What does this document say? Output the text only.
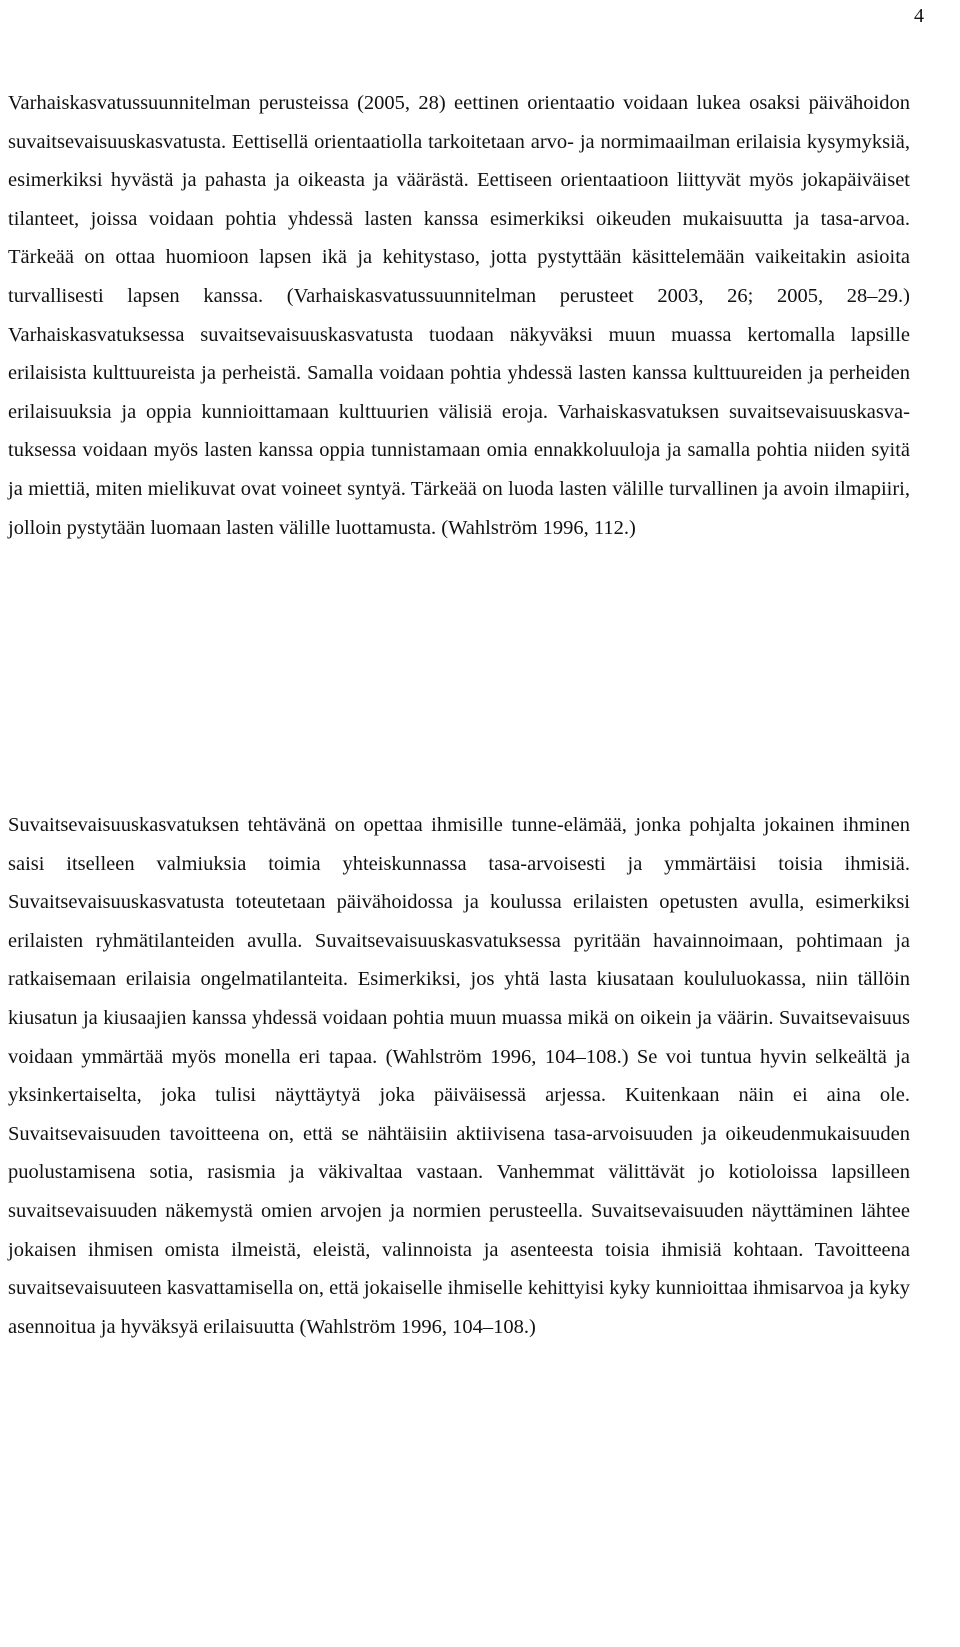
4

Varhaiskasvatussuunnitelman perusteissa (2005, 28) eettinen orientaatio voidaan lukea osaksi päivähoidon suvaitsevaisuuskasvatusta. Eettisellä orientaatiolla tarkoitetaan arvo- ja normimaailman erilaisia kysymyksiä, esimerkiksi hyvästä ja pahasta ja oikeasta ja väärästä. Eettiseen orientaatioon liittyvät myös jokapäiväiset tilanteet, joissa voidaan pohtia yhdessä lasten kanssa esimerkiksi oikeuden mukaisuutta ja tasa-arvoa. Tärkeää on ottaa huomioon lapsen ikä ja kehitystaso, jotta pystyttään käsittelemään vaikeitakin asioita turvallisesti lapsen kanssa. (Varhaiskasvatussuunnitelman perusteet 2003, 26; 2005, 28–29.) Varhaiskasvatuksessa suvaitsevaisuuskasvatusta tuodaan näkyväksi muun muassa kertomalla lapsille erilaisista kulttuureista ja perheistä. Samalla voidaan pohtia yhdessä lasten kanssa kulttuureiden ja perheiden erilaisuuksia ja oppia kunnioittamaan kulttuurien välisiä eroja. Varhaiskasvatuksen suvaitsevaisuuskasvatuksessa voidaan myös lasten kanssa oppia tunnistamaan omia ennakkoluuloja ja samalla pohtia niiden syitä ja miettiä, miten mielikuvat ovat voineet syntyä. Tärkeää on luoda lasten välille turvallinen ja avoin ilmapiiri, jolloin pystytään luomaan lasten välille luottamusta. (Wahlström 1996, 112.)

Suvaitsevaisuuskasvatuksen tehtävänä on opettaa ihmisille tunne-elämää, jonka pohjalta jokainen ihminen saisi itselleen valmiuksia toimia yhteiskunnassa tasa-arvoisesti ja ymmärtäisi toisia ihmisiä. Suvaitsevaisuuskasvatusta toteutetaan päivähoidossa ja koulussa erilaisten opetusten avulla, esimerkiksi erilaisten ryhmätilanteiden avulla. Suvaitsevaisuuskasvatuksessa pyritään havainnoimaan, pohtimaan ja ratkaisemaan erilaisia ongelmatilanteita. Esimerkiksi, jos yhtä lasta kiusataan koululuokassa, niin tällöin kiusatun ja kiusaajien kanssa yhdessä voidaan pohtia muun muassa mikä on oikein ja väärin. Suvaitsevaisuus voidaan ymmärtää myös monella eri tapaa. (Wahlström 1996, 104–108.) Se voi tuntua hyvin selkeältä ja yksinkertaiselta, joka tulisi näyttäytyä joka päiväisessä arjessa. Kuitenkaan näin ei aina ole. Suvaitsevaisuuden tavoitteena on, että se nähtäisiin aktiivisena tasa-arvoisuuden ja oikeudenmukaisuuden puolustamisena sotia, rasismia ja väkivaltaa vastaan. Vanhemmat välittävät jo kotioloissa lapsilleen suvaitsevaisuuden näkemystä omien arvojen ja normien perusteella. Suvaitsevaisuuden näyttäminen lähtee jokaisen ihmisen omista ilmeistä, eleistä, valinnoista ja asenteesta toisia ihmisiä kohtaan. Tavoitteena suvaitsevaisuuteen kasvattamisella on, että jokaiselle ihmiselle kehittyisi kyky kunnioittaa ihmisarvoa ja kyky asennoitua ja hyväksyä erilaisuutta (Wahlström 1996, 104–108.)
